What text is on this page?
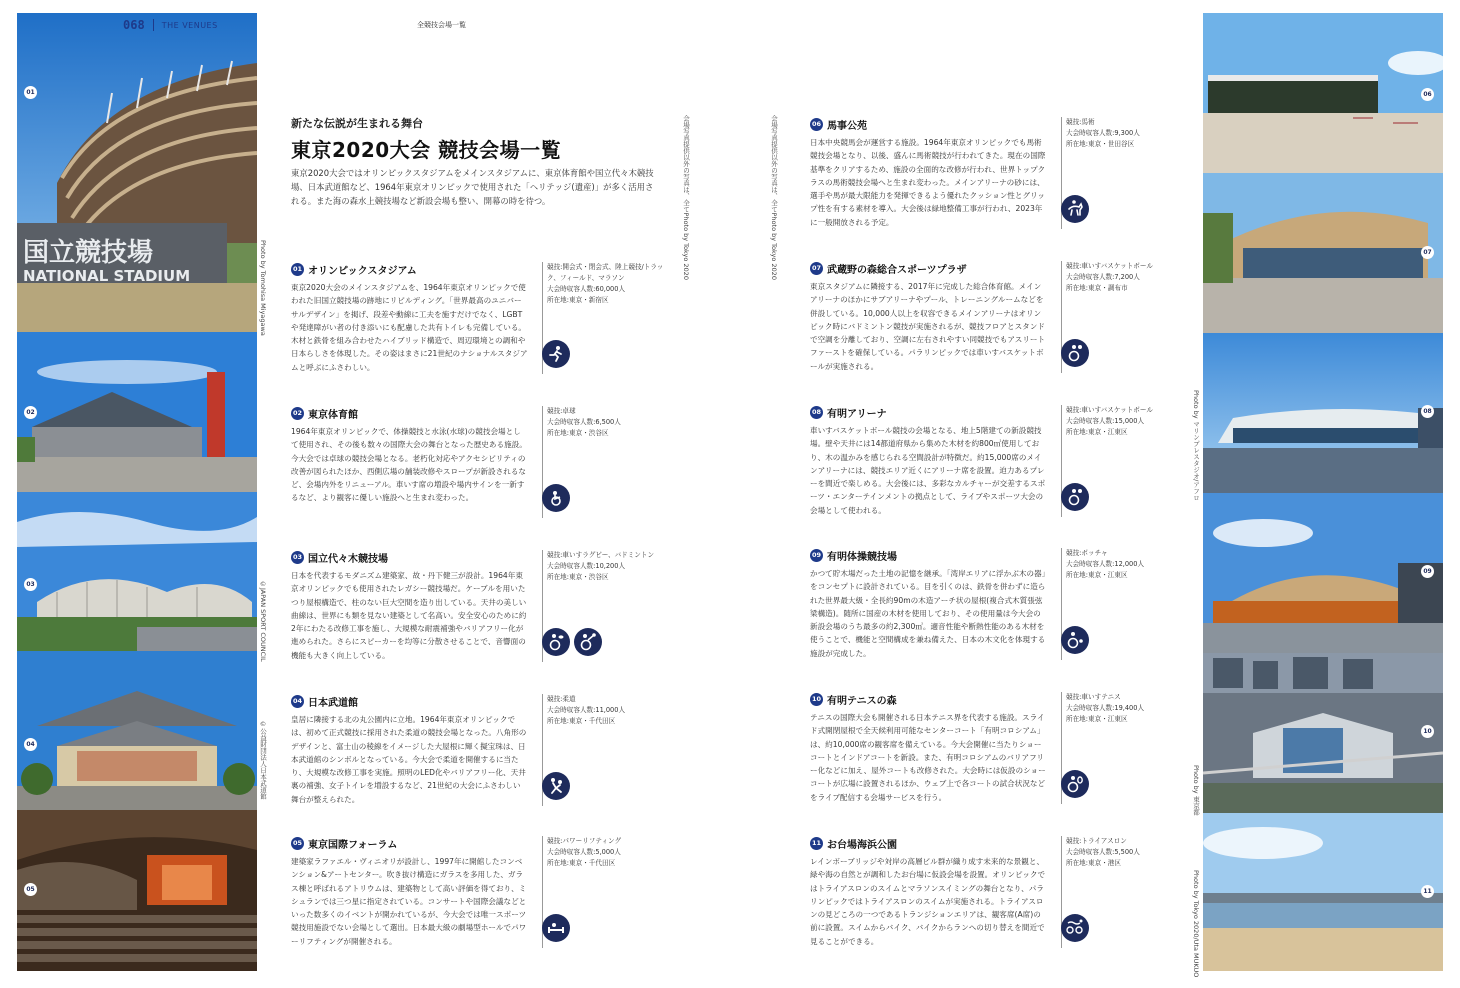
068 THE VENUES
国立競技場
NATIONAL STADIUM
01
02
03
04
05
Photo by Tomohisa Miyagawa
©JAPAN SPORT COUNCIL
©公益財団法人日本武道館
会場写真提供以外の写真は、全てPhoto by Tokyo 2020
全競技会場一覧
新たな伝説が生まれる舞台
東京2020大会 競技会場一覧
東京2020大会ではオリンピックスタジアムをメインスタジアムに、東京体育館や国立代々木競技場、日本武道館など、1964年東京オリンピックで使用された「ヘリテッジ(遺産)」が多く活用される。また海の森水上競技場など新設会場も整い、開幕の時を待つ。
01 オリンピックスタジアム
東京2020大会のメインスタジアムを、1964年東京オリンピックで使われた旧国立競技場の跡地にリビルディング。「世界最高のユニバーサルデザイン」を掲げ、段差や動線に工夫を施すだけでなく、LGBTや発達障がい者の付き添いにも配慮した共有トイレも完備している。木材と鉄骨を組み合わせたハイブリッド構造で、周辺環境との調和や日本らしさを体現した。その姿はまさに21世紀のナショナルスタジアムと呼ぶにふさわしい。
競技:開会式・閉会式、陸上競技/トラック、フィールド、マラソン
大会時収容人数:60,000人
所在地:東京・新宿区
02 東京体育館
1964年東京オリンピックで、体操競技と水泳(水球)の競技会場として使用され、その後も数々の国際大会の舞台となった歴史ある施設。今大会では卓球の競技会場となる。老朽化対応やアクセシビリティの改善が図られたほか、西側広場の舗装改修やスロープが新設されるなど、会場内外をリニューアル。車いす席の増設や場内サインを一新するなど、より観客に優しい施設へと生まれ変わった。
競技:卓球
大会時収容人数:6,500人
所在地:東京・渋谷区
03 国立代々木競技場
日本を代表するモダニズム建築家、故・丹下健三が設計。1964年東京オリンピックでも使用されたレガシー競技場だ。ケーブルを用いたつり屋根構造で、柱のない巨大空間を造り出している。天井の美しい曲線は、世界にも類を見ない建築として名高い。安全安心のために約2年にわたる改修工事を施し、大規模な耐震補強やバリアフリー化が進められた。さらにスピーカーを均等に分散させることで、音響面の機能も大きく向上している。
競技:車いすラグビー、バドミントン
大会時収容人数:10,200人
所在地:東京・渋谷区
04 日本武道館
皇居に隣接する北の丸公園内に立地。1964年東京オリンピックでは、初めて正式競技に採用された柔道の競技会場となった。八角形のデザインと、富士山の稜線をイメージした大屋根に輝く擬宝珠は、日本武道館のシンボルとなっている。今大会で柔道を開催するに当たり、大規模な改修工事を実施。照明のLED化やバリアフリー化、天井裏の補強、女子トイレを増設するなど、21世紀の大会にふさわしい舞台が整えられた。
競技:柔道
大会時収容人数:11,000人
所在地:東京・千代田区
05 東京国際フォーラム
建築家ラファエル・ヴィニオリが設計し、1997年に開館したコンベンション&アートセンター。吹き抜け構造にガラスを多用した、ガラス棟と呼ばれるアトリウムは、建築物として高い評価を得ており、ミシュランでは三つ星に指定されている。コンサートや国際会議などといった数多くのイベントが開かれているが、今大会では唯一スポーツ競技用施設でない会場として選出。日本最大級の劇場型ホールでパワーリフティングが開催される。
競技:パワーリフティング
大会時収容人数:5,000人
所在地:東京・千代田区
会場写真提供以外の写真は、全てPhoto by Tokyo 2020	06 馬事公苑
日本中央競馬会が運営する施設。1964年東京オリンピックでも馬術競技会場となり、以後、盛んに馬術競技が行われてきた。現在の国際基準をクリアするため、施設の全面的な改修が行われ、世界トップクラスの馬術競技会場へと生まれ変わった。メインアリーナの砂には、選手や馬が最大限能力を発揮できるよう優れたクッション性とグリップ性を有する素材を導入。大会後は緑地整備工事が行われ、2023年に一般開放される予定。
競技:馬術
大会時収容人数:9,300人
所在地:東京・世田谷区
07 武蔵野の森総合スポーツプラザ
東京スタジアムに隣接する、2017年に完成した総合体育館。メインアリーナのほかにサブアリーナやプール、トレーニングルームなどを併設している。10,000人以上を収容できるメインアリーナはオリンピック時にバドミントン競技が実施されるが、競技フロアとスタンドで空調を分離しており、空調に左右されやすい同競技でもアスリートファーストを確保している。パラリンピックでは車いすバスケットボールが実施される。
競技:車いすバスケットボール
大会時収容人数:7,200人
所在地:東京・調布市
08 有明アリーナ
車いすバスケットボール競技の会場となる、地上5階建ての新設競技場。壁や天井には14都道府県から集めた木材を約800㎡使用しており、木の温かみを感じられる空間設計が特徴だ。約15,000席のメインアリーナには、競技エリア近くにアリーナ席を設置。迫力あるプレーを間近で楽しめる。大会後には、多彩なカルチャーが交差するスポーツ・エンターテインメントの拠点として、ライブやスポーツ大会の会場として使われる。
競技:車いすバスケットボール
大会時収容人数:15,000人
所在地:東京・江東区
09 有明体操競技場
かつて貯木場だった土地の記憶を継承。「湾岸エリアに浮かぶ木の器」をコンセプトに設計されている。目を引くのは、鉄骨を併わずに造られた世界最大級・全長約90mの木造アーチ状の屋根(複合式木質張弦梁構造)。随所に国産の木材を使用しており、その使用量は今大会の新設会場のうち最多の約2,300㎥。適音性能や断熱性能のある木材を使うことで、機能と空間構成を兼ね備えた、日本の木文化を体現する施設が完成した。
競技:ボッチャ
大会時収容人数:12,000人
所在地:東京・江東区
10 有明テニスの森
テニスの国際大会も開催される日本テニス界を代表する施設。スライド式開閉屋根で全天候利用可能なセンターコート「有明コロシアム」は、約10,000席の観客席を備えている。今大会開催に当たりショーコートとインドアコートを新設。また、有明コロシアムのバリアフリー化などに加え、屋外コートも改修された。大会時には仮設のショーコートが広場に設置されるほか、ウェブ上で各コートの試合状況などをライブ配信する会場サービスを行う。
競技:車いすテニス
大会時収容人数:19,400人
所在地:東京・江東区
11 お台場海浜公園
レインボーブリッジや対岸の高層ビル群が織り成す未来的な景観と、緑や海の自然とが調和したお台場に仮設会場を設置。オリンピックではトライアスロンのスイムとマラソンスイミングの舞台となり、パラリンピックではトライアスロンのスイムが実施される。トライアスロンの見どころの一つであるトランジションエリアは、観客席(A席)の前に設置。スイムからバイク、バイクからランへの切り替えを間近で見ることができる。
競技:トライアスロン
大会時収容人数:5,500人
所在地:東京・港区
Photo by マリンプレスタジオ/アフロ
Photo by 東京都
Photo by Tokyo 2020/Uta MUKUO
06
07
08
09
10
11
